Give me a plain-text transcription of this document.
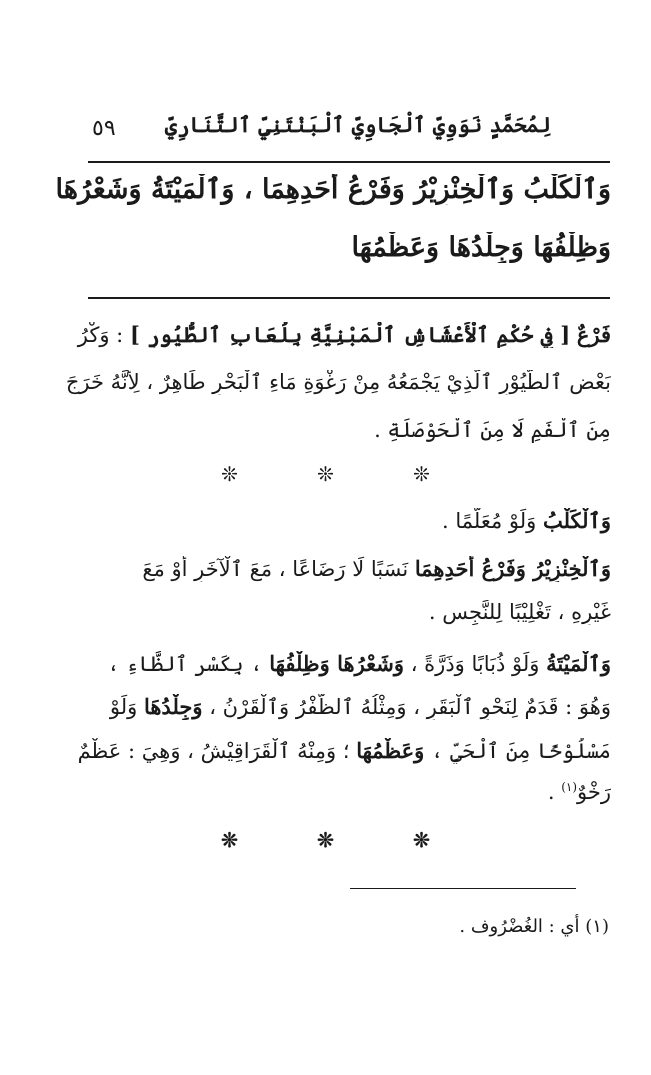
٥٩ لِمُحَمَّدٍ نَوَوِيِّ ٱلْجَاوِيِّ ٱلْبَنْتَنِيِّ ٱلتَّنَارِيِّ
وَٱلْكَلْبُ وَٱلْخِنْزِيْرُ وَفَرْعُ أَحَدِهِمَا ، وَٱلْمَيْتَةُ وَشَعْرُهَا
وَظِلْفُهَا وَجِلْدُهَا وَعَظْمُهَا
فَرْعٌ [ فِي حُكْمِ ٱلْأَعْشَاشِ ٱلْمَبْنِيَّةِ بِلُعَابِ ٱلطُّيُورِ ] : وَكْرُ
بَعْضِ ٱلطُّيُوْرِ ٱلَّذِيْ يَجْمَعُهُ مِنْ رَغْوَةِ مَاءِ ٱلْبَحْرِ طَاهِرٌ ، لِأَنَّهُ خَرَجَ
مِنَ ٱلْفَمِ لَا مِنَ ٱلْحَوْصَلَةِ .
❊	❊	❊
وَٱلْكَلْبُ وَلَوْ مُعَلَّمًا .
وَٱلْخِنْزِيْرُ وَفَرْعُ أَحَدِهِمَا نَسَبًا لَا رَضَاعًا ، مَعَ ٱلْآخَرِ أَوْ مَعَ
غَيْرِهِ ، تَغْلِيْبًا لِلنَّجِسِ .
وَٱلْمَيْتَةُ وَلَوْ ذُبَابًا وَذَرَّةً ، وَشَعْرُهَا وَظِلْفُهَا ، بِكَسْرِ ٱلظَّاءِ ،
وَهُوَ : قَدَمٌ لِنَحْوِ ٱلْبَقَرِ ، وَمِثْلُهُ ٱلظُّفْرُ وَٱلْقَرْنُ ، وَجِلْدُهَا وَلَوْ
مَسْلُوْخًا مِنَ ٱلْحَيِّ ، وَعَظْمُهَا ؛ وَمِنْهُ ٱلْقَرَاقِيْشُ ، وَهِيَ : عَظْمٌ
رَخْوٌ$^{(١)}$ .
❊	❊	❊
(١) أي : الغُضْرُوف .
